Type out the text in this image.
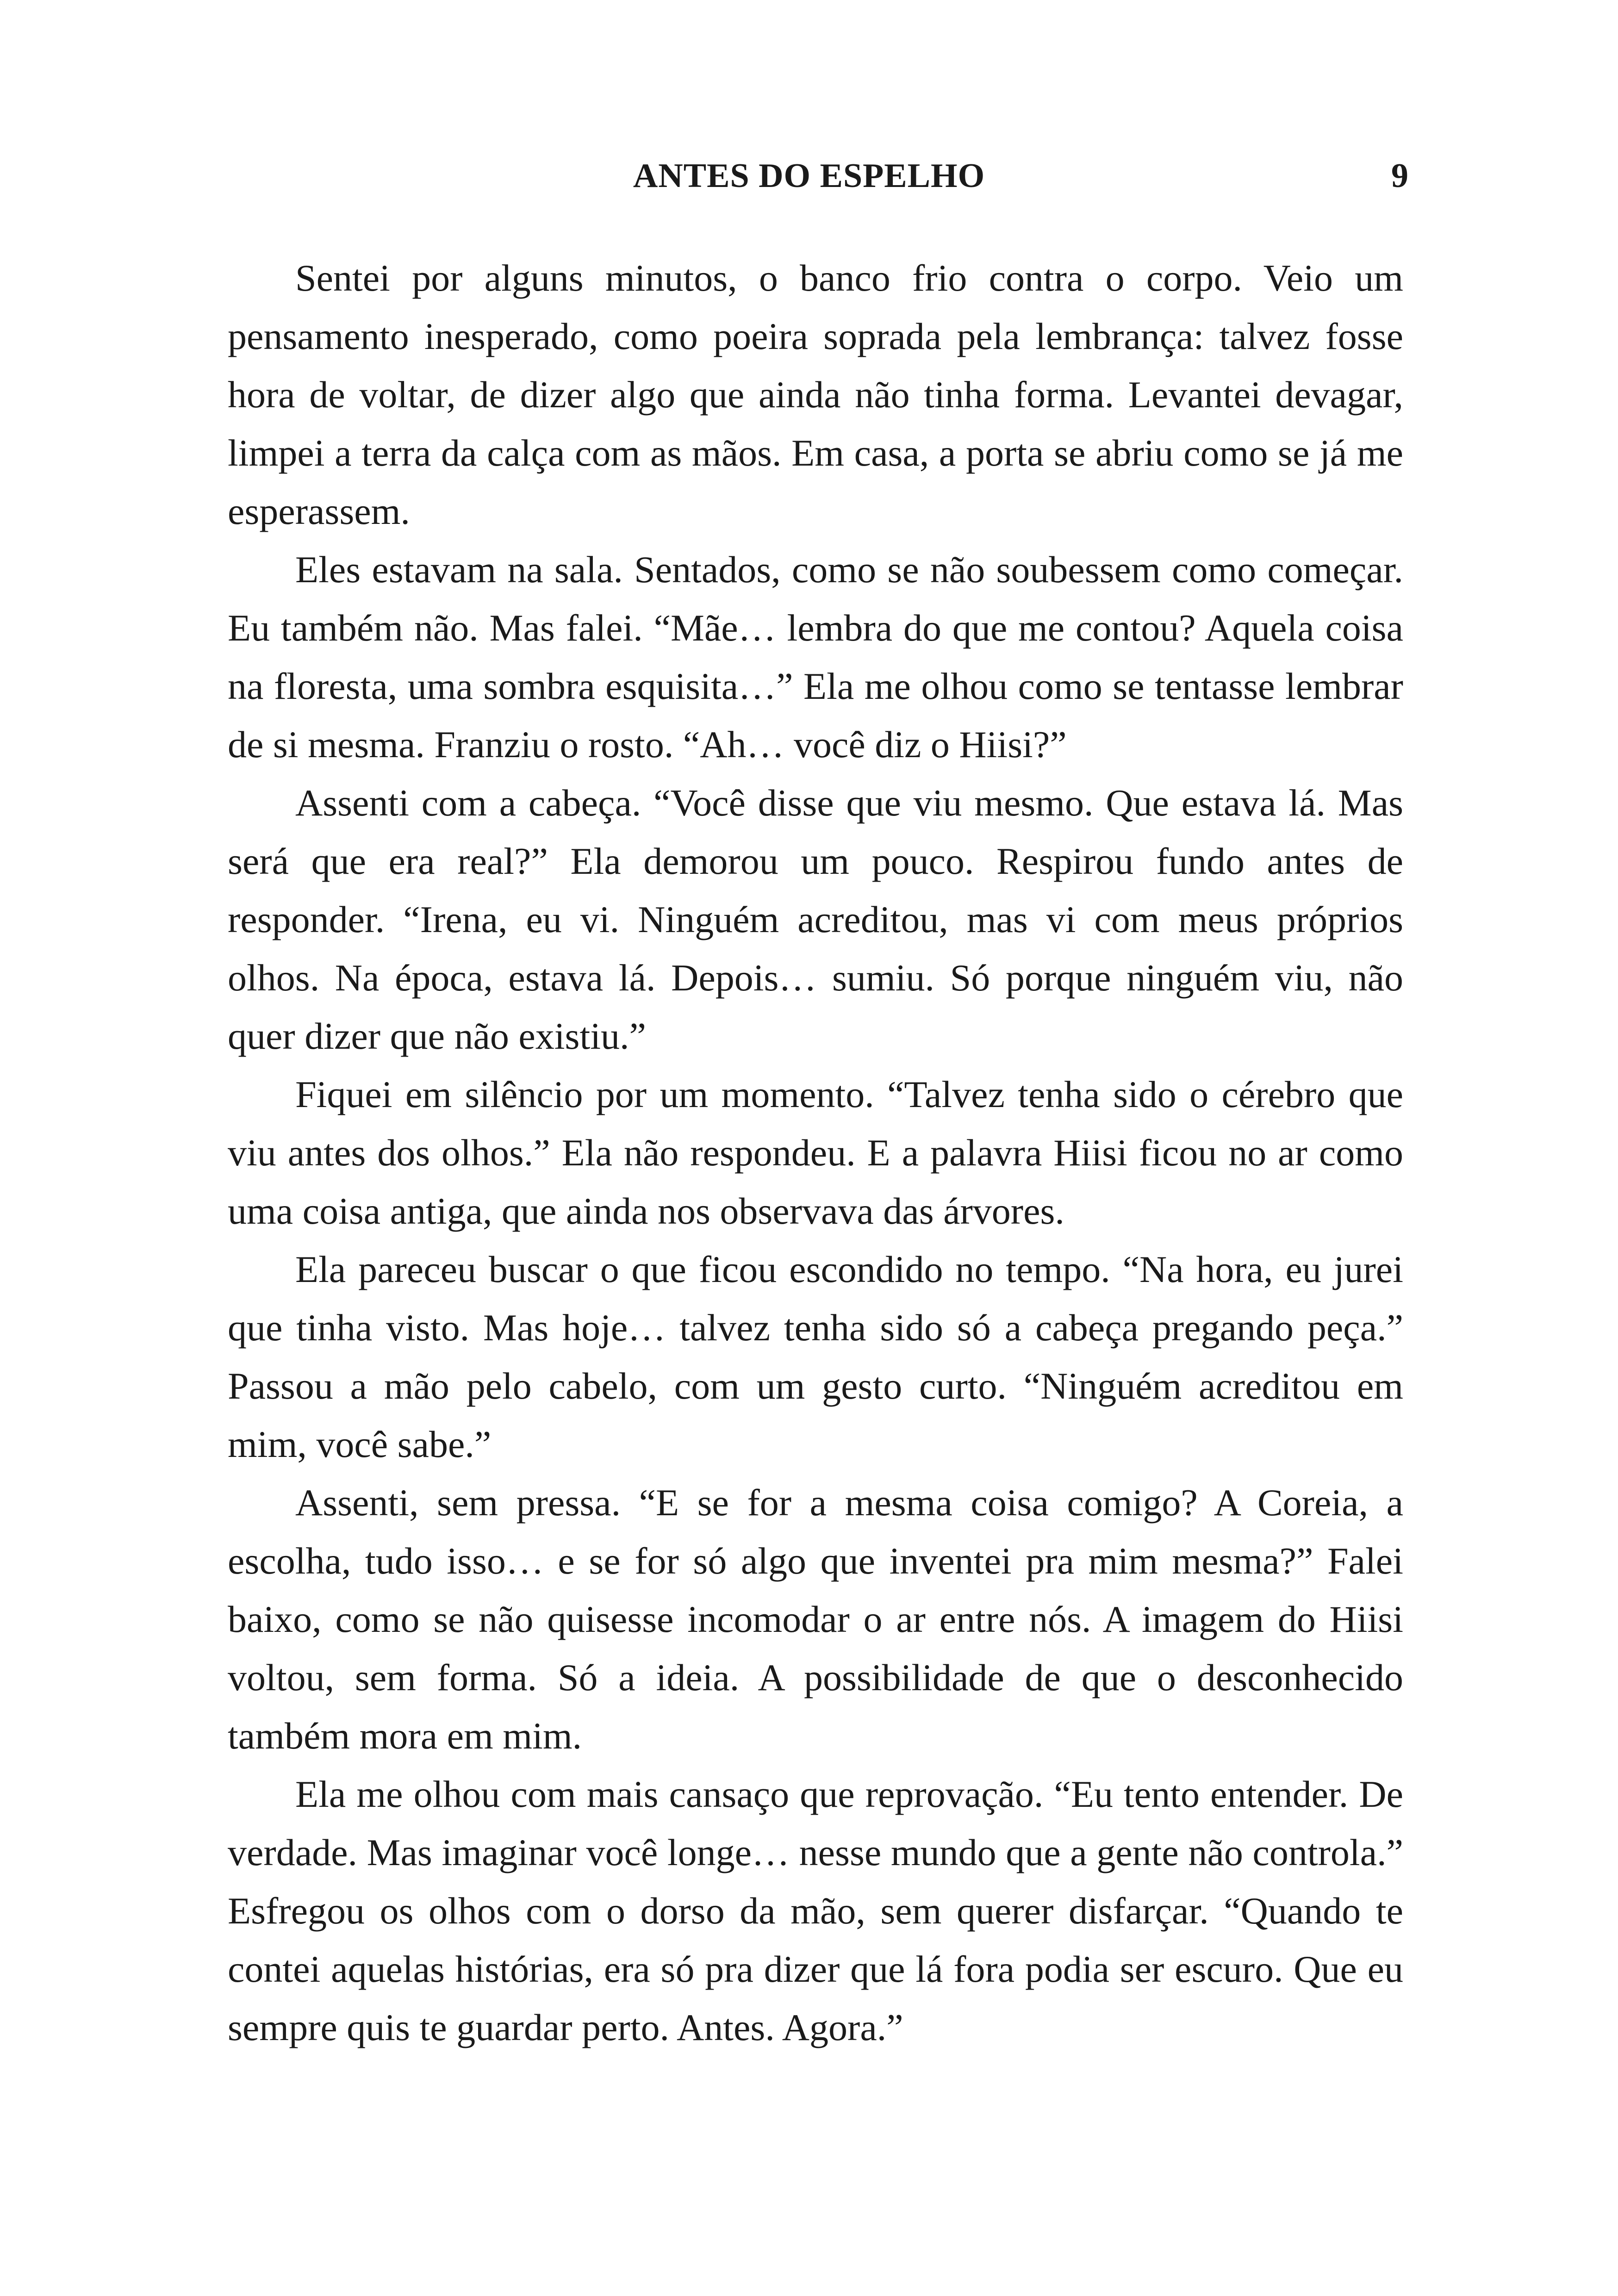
ANTES DO ESPELHO	9

Sentei por alguns minutos, o banco frio contra o corpo. Veio um pensamento inesperado, como poeira soprada pela lembrança: talvez fosse hora de voltar, de dizer algo que ainda não tinha forma. Levantei devagar, limpei a terra da calça com as mãos. Em casa, a porta se abriu como se já me esperassem.

Eles estavam na sala. Sentados, como se não soubessem como começar. Eu também não. Mas falei. “Mãe… lembra do que me contou? Aquela coisa na floresta, uma sombra esquisita…” Ela me olhou como se tentasse lembrar de si mesma. Franziu o rosto. “Ah… você diz o Hiisi?”

Assenti com a cabeça. “Você disse que viu mesmo. Que estava lá. Mas será que era real?” Ela demorou um pouco. Respirou fundo antes de responder. “Irena, eu vi. Ninguém acreditou, mas vi com meus próprios olhos. Na época, estava lá. Depois… sumiu. Só porque ninguém viu, não quer dizer que não existiu.”

Fiquei em silêncio por um momento. “Talvez tenha sido o cérebro que viu antes dos olhos.” Ela não respondeu. E a palavra Hiisi ficou no ar como uma coisa antiga, que ainda nos observava das árvores.

Ela pareceu buscar o que ficou escondido no tempo. “Na hora, eu jurei que tinha visto. Mas hoje… talvez tenha sido só a cabeça pregando peça.” Passou a mão pelo cabelo, com um gesto curto. “Ninguém acreditou em mim, você sabe.”

Assenti, sem pressa. “E se for a mesma coisa comigo? A Coreia, a escolha, tudo isso… e se for só algo que inventei pra mim mesma?” Falei baixo, como se não quisesse incomodar o ar entre nós. A imagem do Hiisi voltou, sem forma. Só a ideia. A possibilidade de que o desconhecido também mora em mim.

Ela me olhou com mais cansaço que reprovação. “Eu tento entender. De verdade. Mas imaginar você longe… nesse mundo que a gente não controla.” Esfregou os olhos com o dorso da mão, sem querer disfarçar. “Quando te contei aquelas histórias, era só pra dizer que lá fora podia ser escuro. Que eu sempre quis te guardar perto. Antes. Agora.”
